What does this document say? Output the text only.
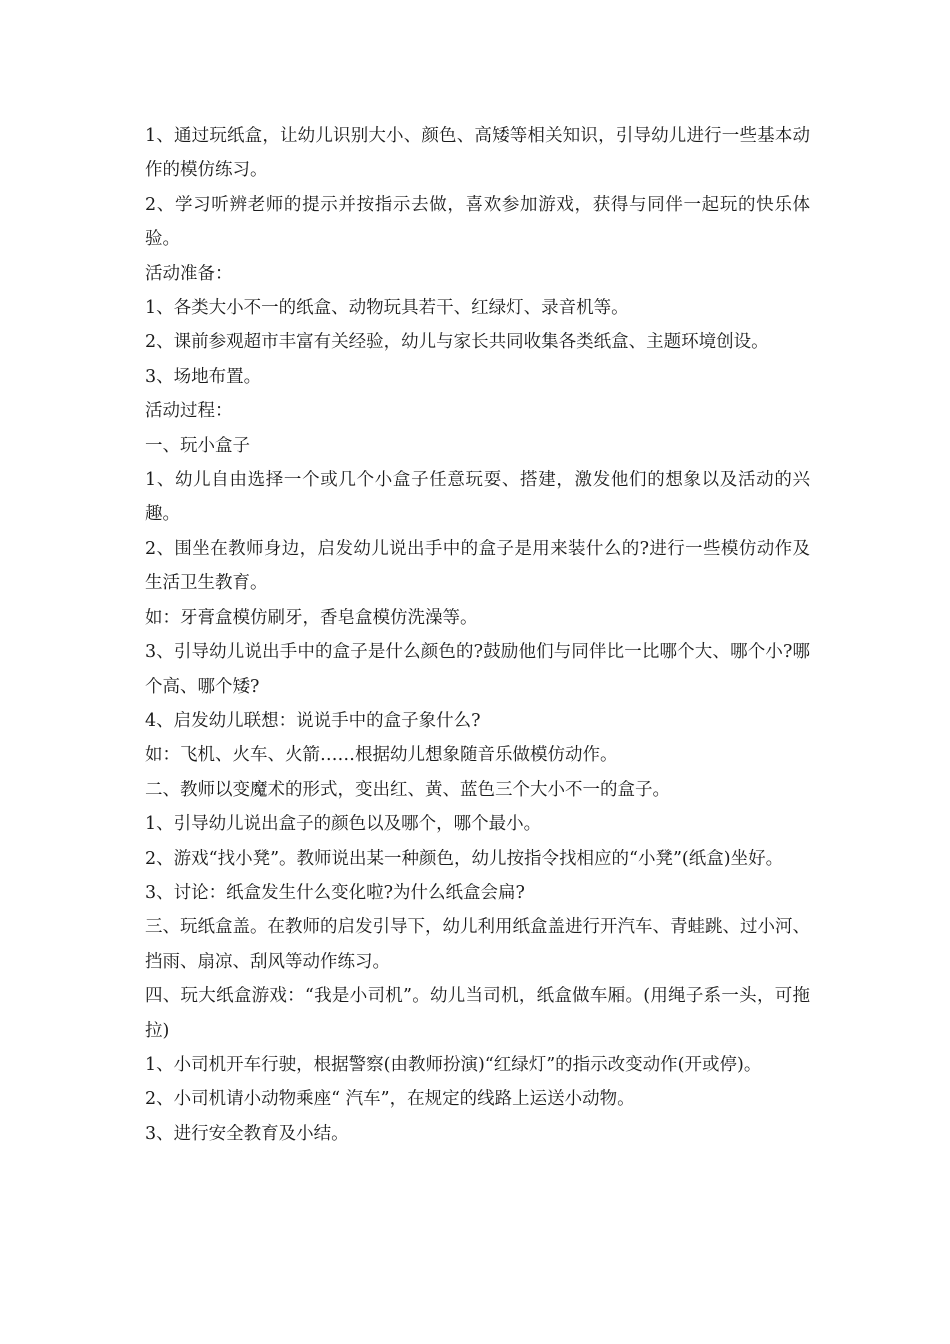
1、通过玩纸盒，让幼儿识别大小、颜色、高矮等相关知识，引导幼儿进行一些基本动作的模仿练习。

2、学习听辨老师的提示并按指示去做，喜欢参加游戏，获得与同伴一起玩的快乐体验。

活动准备：

1、各类大小不一的纸盒、动物玩具若干、红绿灯、录音机等。

2、课前参观超市丰富有关经验，幼儿与家长共同收集各类纸盒、主题环境创设。

3、场地布置。

活动过程：

一、玩小盒子

1、幼儿自由选择一个或几个小盒子任意玩耍、搭建，激发他们的想象以及活动的兴趣。

2、围坐在教师身边，启发幼儿说出手中的盒子是用来装什么的?进行一些模仿动作及生活卫生教育。

如：牙膏盒模仿刷牙，香皂盒模仿洗澡等。

3、引导幼儿说出手中的盒子是什么颜色的?鼓励他们与同伴比一比哪个大、哪个小?哪个高、哪个矮?

4、启发幼儿联想：说说手中的盒子象什么?

如：飞机、火车、火箭……根据幼儿想象随音乐做模仿动作。

二、教师以变魔术的形式，变出红、黄、蓝色三个大小不一的盒子。

1、引导幼儿说出盒子的颜色以及哪个，哪个最小。

2、游戏“找小凳”。教师说出某一种颜色，幼儿按指令找相应的“小凳”(纸盒)坐好。

3、讨论：纸盒发生什么变化啦?为什么纸盒会扁?

三、玩纸盒盖。在教师的启发引导下，幼儿利用纸盒盖进行开汽车、青蛙跳、过小河、挡雨、扇凉、刮风等动作练习。

四、玩大纸盒游戏：“我是小司机”。幼儿当司机，纸盒做车厢。(用绳子系一头，可拖拉)

1、小司机开车行驶，根据警察(由教师扮演)“红绿灯”的指示改变动作(开或停)。

2、小司机请小动物乘座“ 汽车”，在规定的线路上运送小动物。

3、进行安全教育及小结。
